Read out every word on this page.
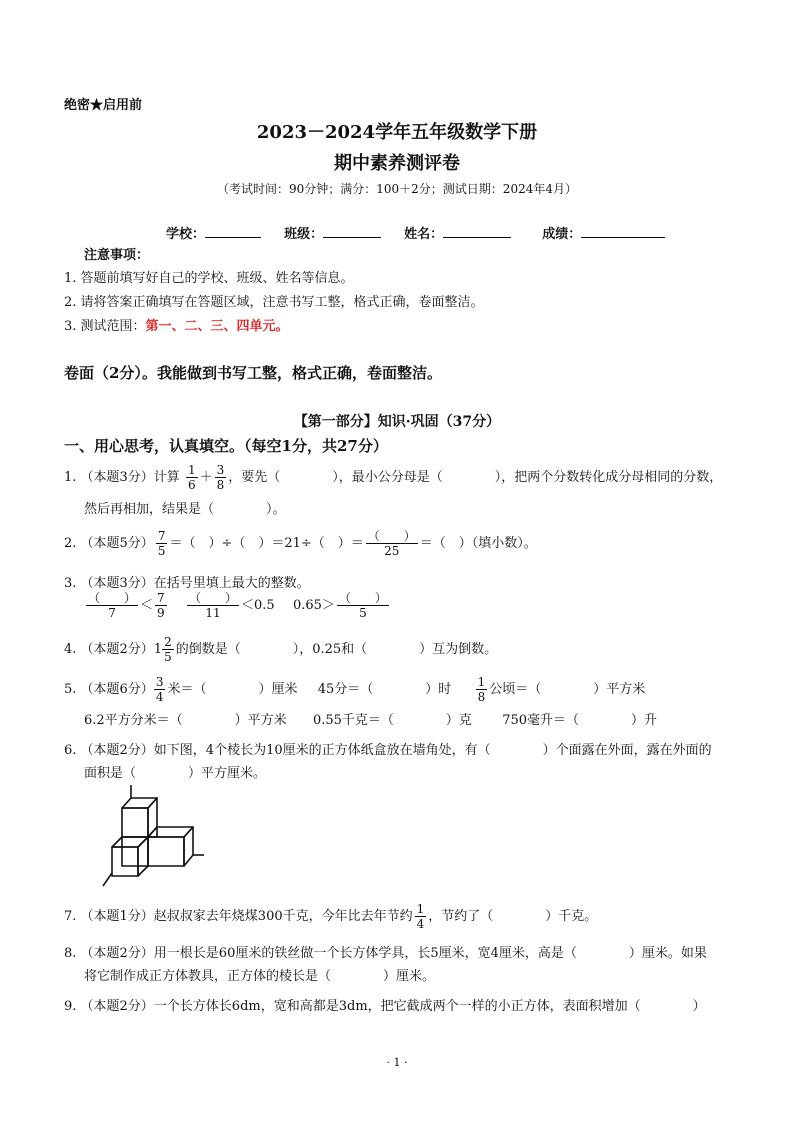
绝密★启用前
2023－2024学年五年级数学下册
期中素养测评卷
（考试时间：90分钟；满分：100＋2分；测试日期：2024年4月）
学校：	班级：	姓名：	成绩：
注意事项：
1. 答题前填写好自己的学校、班级、姓名等信息。
2. 请将答案正确填写在答题区域，注意书写工整，格式正确，卷面整洁。
3. 测试范围：第一、二、三、四单元。
卷面（2分）。我能做到书写工整，格式正确，卷面整洁。
【第一部分】知识·巩固（37分）
一、用心思考，认真填空。（每空1分，共27分）
1. （本题3分）计算 $\frac{1}{6} + \frac{3}{8}$ ，要先（　　　　），最小公分母是（　　　　），把两个分数转化成分母相同的分数，
然后再相加，结果是（　　　　）。
2. （本题5分） $\frac{7}{5}$ ＝（　）÷（　）＝21÷（　）＝ $\frac{( )}{25}$ ＝（　）（填小数）。
3. （本题3分）在括号里填上最大的整数。
$\frac{( )}{7} < \frac{7}{9}$
$\frac{( )}{11} <0.5$ $0.65> \frac{( )}{5}$
4. （本题2分）$1 \frac{2}{5}$ 的倒数是（　　　　），0.25和（　　　　）互为倒数。
5. （本题6分） $\frac{3}{4}$ 米＝（　　　　）厘米 45分＝（　　　　）时 $\frac{1}{8}$ 公顷＝（　　　　）平方米
6.2平方分米＝（　　　　）平方米 0.55千克＝（　　　　）克 750毫升＝（　　　　）升
6. （本题2分）如下图，4个棱长为10厘米的正方体纸盒放在墙角处，有（　　　　）个面露在外面，露在外面的
面积是（　　　　）平方厘米。
7. （本题1分）赵叔叔家去年烧煤300千克，今年比去年节约 $\frac{1}{4}$ ，节约了（　　　　）千克。
8. （本题2分）用一根长是60厘米的铁丝做一个长方体学具，长5厘米，宽4厘米，高是（　　　　）厘米。如果
将它制作成正方体教具，正方体的棱长是（　　　　）厘米。
9. （本题2分）一个长方体长6dm，宽和高都是3dm，把它截成两个一样的小正方体，表面积增加（　　　　）
· 1 ·
